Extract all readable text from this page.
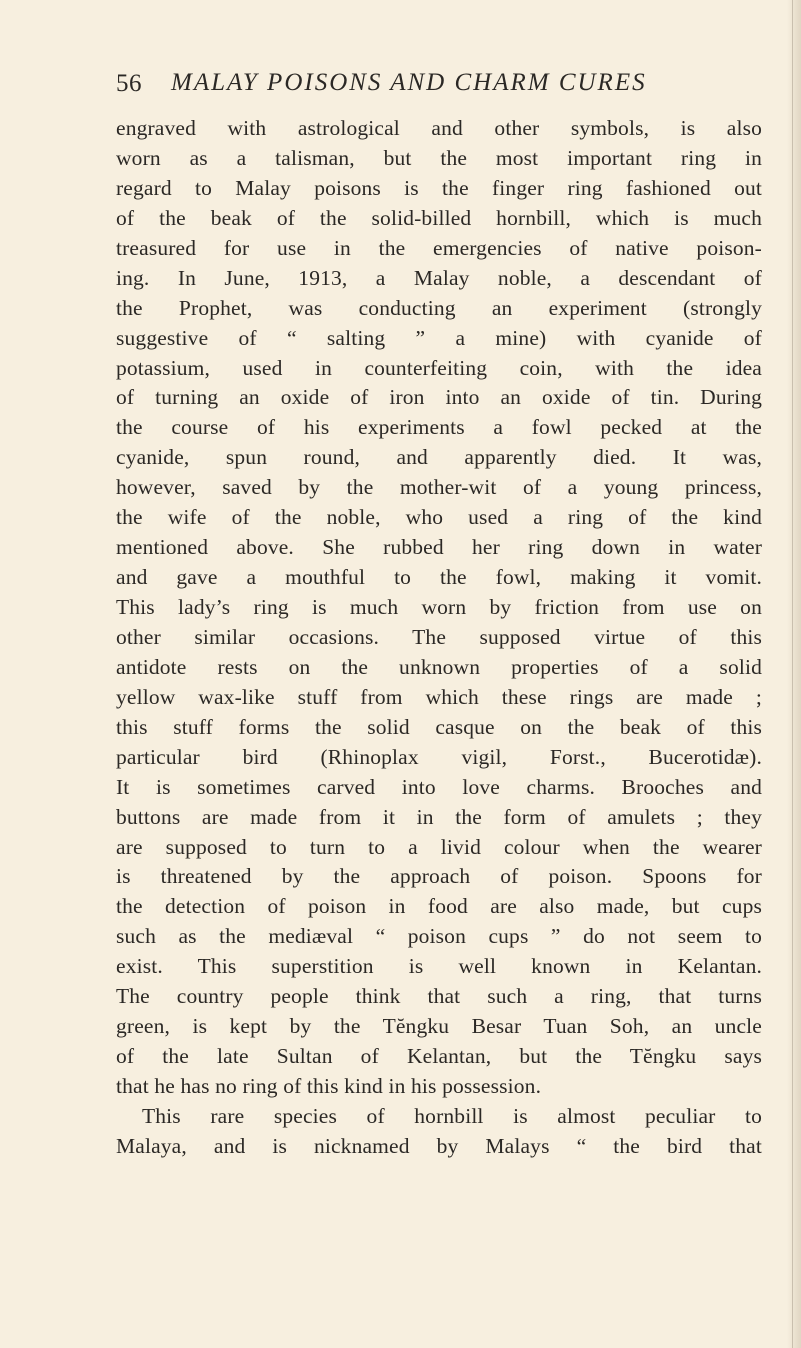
56 MALAY POISONS AND CHARM CURES
engraved with astrological and other symbols, is also
worn as a talisman, but the most important ring in
regard to Malay poisons is the finger ring fashioned out
of the beak of the solid-billed hornbill, which is much
treasured for use in the emergencies of native poison-
ing. In June, 1913, a Malay noble, a descendant of
the Prophet, was conducting an experiment (strongly
suggestive of “ salting ” a mine) with cyanide of
potassium, used in counterfeiting coin, with the idea
of turning an oxide of iron into an oxide of tin. During
the course of his experiments a fowl pecked at the
cyanide, spun round, and apparently died. It was,
however, saved by the mother-wit of a young princess,
the wife of the noble, who used a ring of the kind
mentioned above. She rubbed her ring down in water
and gave a mouthful to the fowl, making it vomit.
This lady’s ring is much worn by friction from use on
other similar occasions. The supposed virtue of this
antidote rests on the unknown properties of a solid
yellow wax-like stuff from which these rings are made ;
this stuff forms the solid casque on the beak of this
particular bird (Rhinoplax vigil, Forst., Bucerotidæ).
It is sometimes carved into love charms. Brooches and
buttons are made from it in the form of amulets ; they
are supposed to turn to a livid colour when the wearer
is threatened by the approach of poison. Spoons for
the detection of poison in food are also made, but cups
such as the mediæval “ poison cups ” do not seem to
exist. This superstition is well known in Kelantan.
The country people think that such a ring, that turns
green, is kept by the Tĕngku Besar Tuan Soh, an uncle
of the late Sultan of Kelantan, but the Tĕngku says
that he has no ring of this kind in his possession.
This rare species of hornbill is almost peculiar to
Malaya, and is nicknamed by Malays “ the bird that
